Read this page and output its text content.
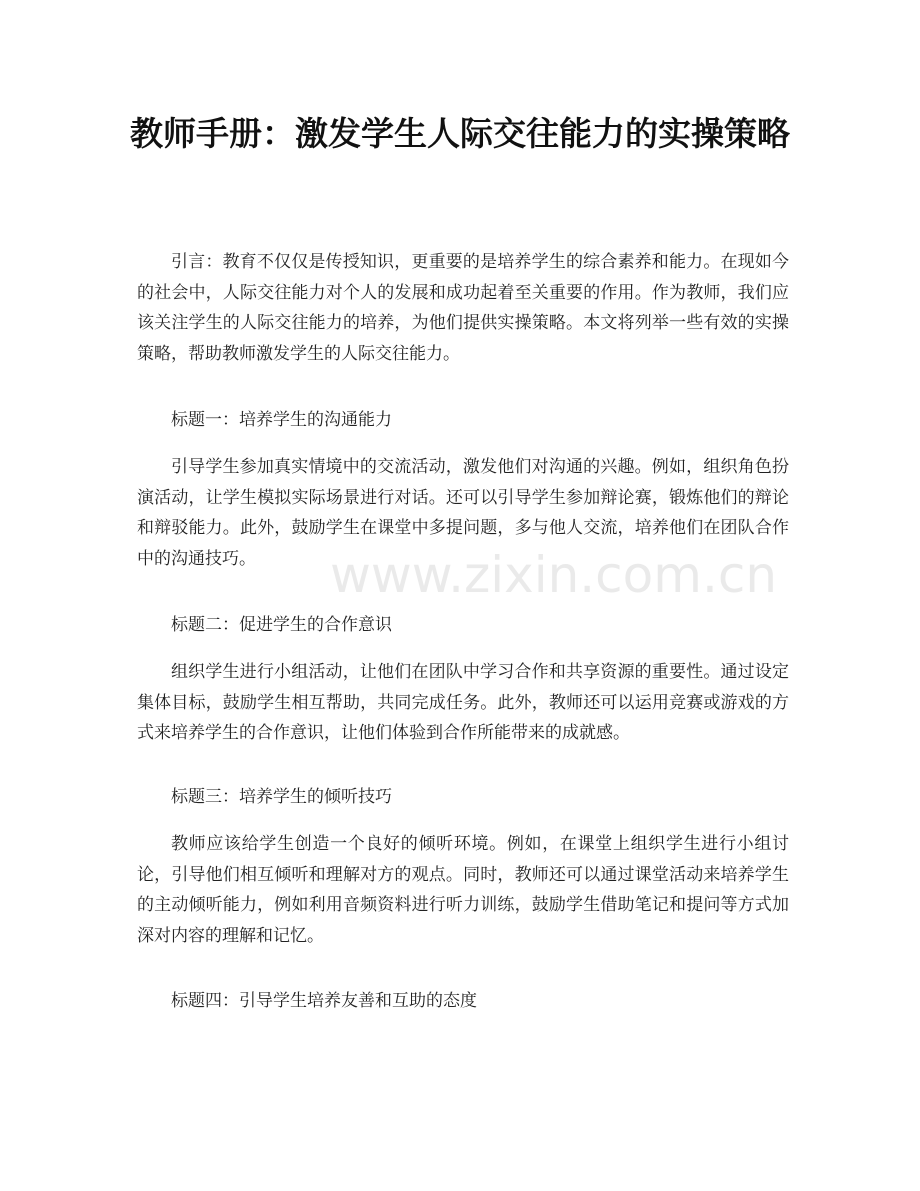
教师手册：激发学生人际交往能力的实操策略

引言：教育不仅仅是传授知识，更重要的是培养学生的综合素养和能力。在现如今的社会中，人际交往能力对个人的发展和成功起着至关重要的作用。作为教师，我们应该关注学生的人际交往能力的培养，为他们提供实操策略。本文将列举一些有效的实操策略，帮助教师激发学生的人际交往能力。

标题一：培养学生的沟通能力

引导学生参加真实情境中的交流活动，激发他们对沟通的兴趣。例如，组织角色扮演活动，让学生模拟实际场景进行对话。还可以引导学生参加辩论赛，锻炼他们的辩论和辩驳能力。此外，鼓励学生在课堂中多提问题，多与他人交流，培养他们在团队合作中的沟通技巧。

标题二：促进学生的合作意识

组织学生进行小组活动，让他们在团队中学习合作和共享资源的重要性。通过设定集体目标，鼓励学生相互帮助，共同完成任务。此外，教师还可以运用竞赛或游戏的方式来培养学生的合作意识，让他们体验到合作所能带来的成就感。

标题三：培养学生的倾听技巧

教师应该给学生创造一个良好的倾听环境。例如，在课堂上组织学生进行小组讨论，引导他们相互倾听和理解对方的观点。同时，教师还可以通过课堂活动来培养学生的主动倾听能力，例如利用音频资料进行听力训练，鼓励学生借助笔记和提问等方式加深对内容的理解和记忆。

标题四：引导学生培养友善和互助的态度

www.zixin.com.cn
